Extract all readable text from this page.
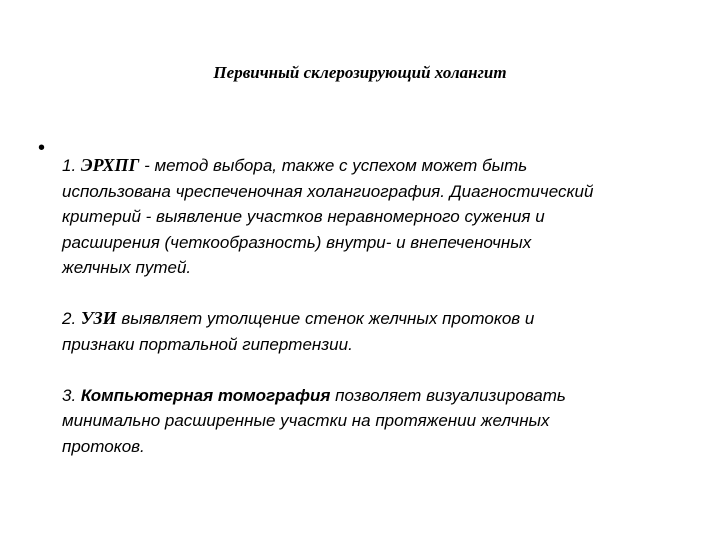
Первичный склерозирующий холангит
•
1. ЭРХПГ - метод выбора, также с успехом может быть
использована чреспеченочная холангиография. Диагностический
критерий - выявление участков неравномерного сужения и
расширения (четкообразность) внутри- и внепеченочных
желчных путей.
2. УЗИ выявляет утолщение стенок желчных протоков и
признаки портальной гипертензии.
3. Компьютерная томография позволяет визуализировать
минимально расширенные участки на протяжении желчных
протоков.
